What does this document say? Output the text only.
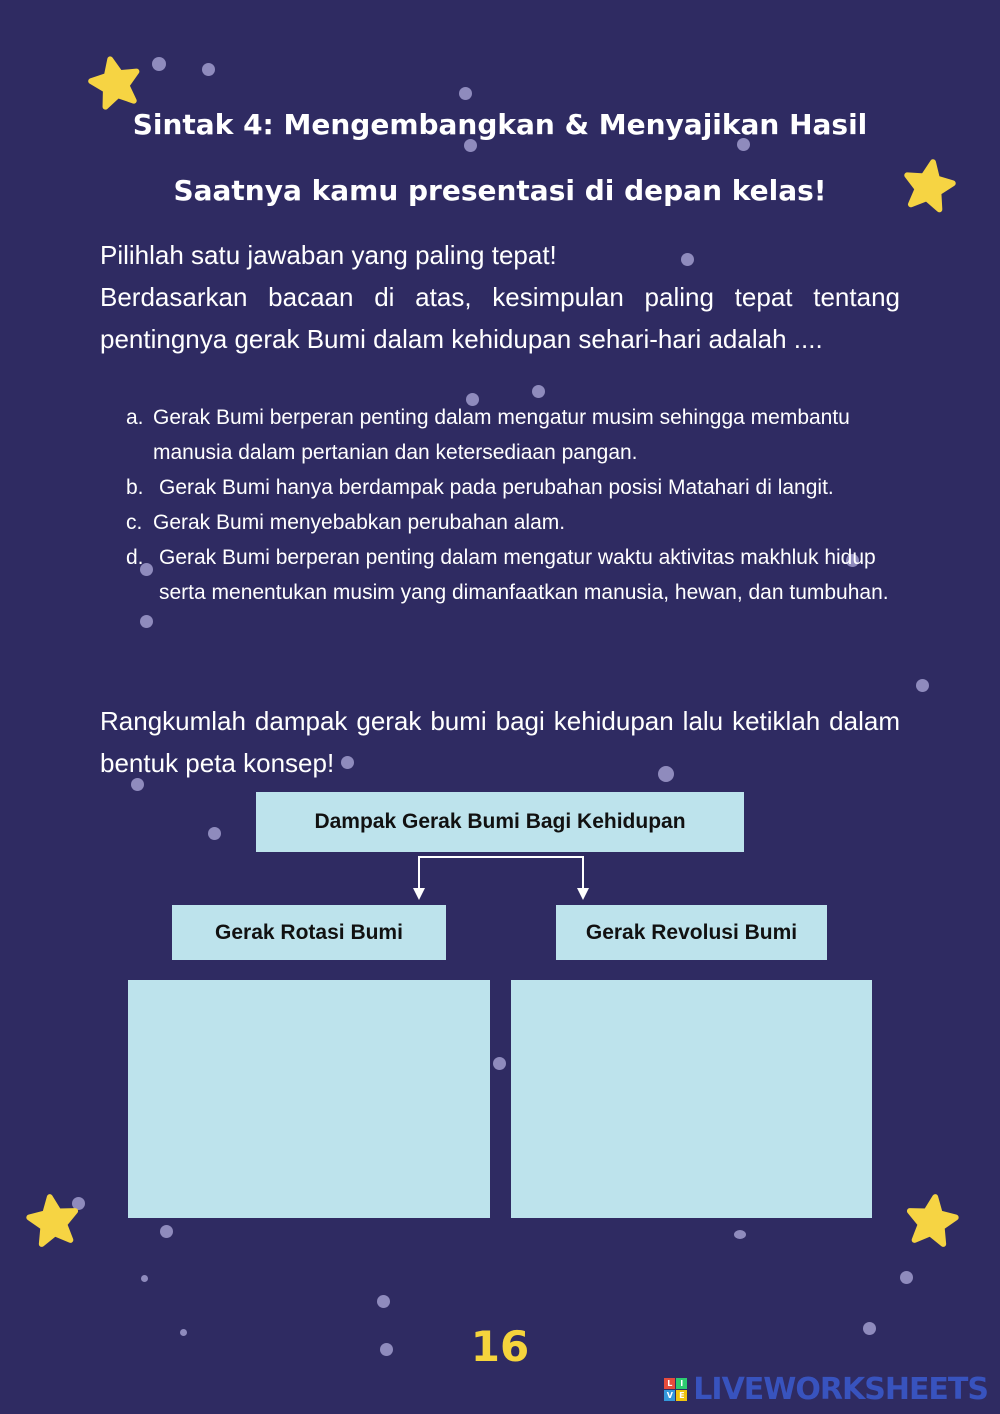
Sintak 4: Mengembangkan & Menyajikan Hasil
Saatnya kamu presentasi di depan kelas!
Pilihlah satu jawaban yang paling tepat!
Berdasarkan bacaan di atas, kesimpulan paling tepat tentang pentingnya gerak Bumi dalam kehidupan sehari-hari adalah ....
a. Gerak Bumi berperan penting dalam mengatur musim sehingga membantu manusia dalam pertanian dan ketersediaan pangan.
b. Gerak Bumi hanya berdampak pada perubahan posisi Matahari di langit.
c. Gerak Bumi menyebabkan perubahan alam.
d. Gerak Bumi berperan penting dalam mengatur waktu aktivitas makhluk hidup serta menentukan musim yang dimanfaatkan manusia, hewan, dan tumbuhan.
Rangkumlah dampak gerak bumi bagi kehidupan lalu ketiklah dalam bentuk peta konsep!
Dampak Gerak Bumi Bagi Kehidupan
Gerak Rotasi Bumi	Gerak Revolusi Bumi
16
L I
V E LIVEWORKSHEETS
